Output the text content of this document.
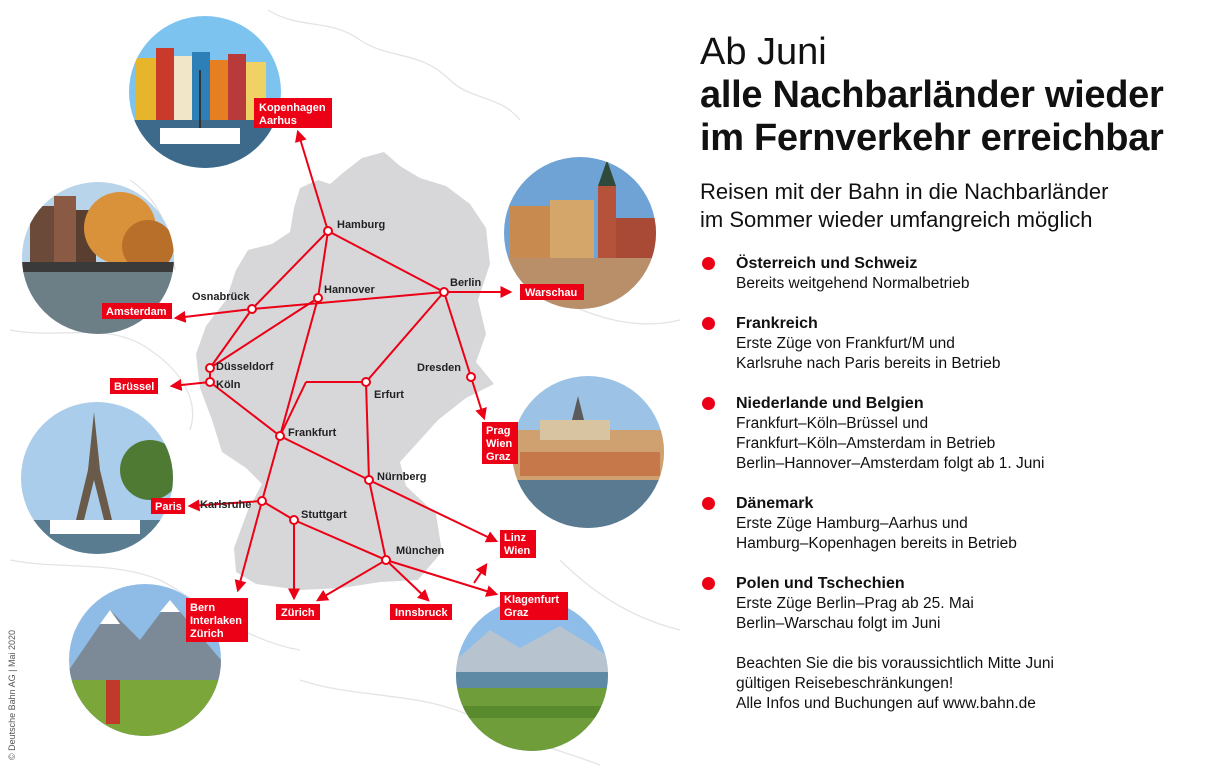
Hamburg
Hannover
Berlin
Osnabrück
Düsseldorf
Köln
Dresden
Erfurt
Frankfurt
Nürnberg
Karlsruhe
Stuttgart
München
Kopenhagen
Aarhus
Amsterdam
Warschau
Brüssel
Prag
Wien
Graz
Paris
Linz
Wien
Bern
Interlaken
Zürich
Zürich	Innsbruck
Klagenfurt
Graz
Ab Juni
alle Nachbarländer wieder
im Fernverkehr erreichbar
Reisen mit der Bahn in die Nachbarländer
im Sommer wieder umfangreich möglich
Österreich und Schweiz
Bereits weitgehend Normalbetrieb
Frankreich
Erste Züge von Frankfurt/M und
Karlsruhe nach Paris bereits in Betrieb
Niederlande und Belgien
Frankfurt–Köln–Brüssel und
Frankfurt–Köln–Amsterdam in Betrieb
Berlin–Hannover–Amsterdam folgt ab 1. Juni
Dänemark
Erste Züge Hamburg–Aarhus und
Hamburg–Kopenhagen bereits in Betrieb
Polen und Tschechien
Erste Züge Berlin–Prag ab 25. Mai
Berlin–Warschau folgt im Juni
Beachten Sie die bis voraussichtlich Mitte Juni
gültigen Reisebeschränkungen!
Alle Infos und Buchungen auf www.bahn.de
© Deutsche Bahn AG | Mai 2020
